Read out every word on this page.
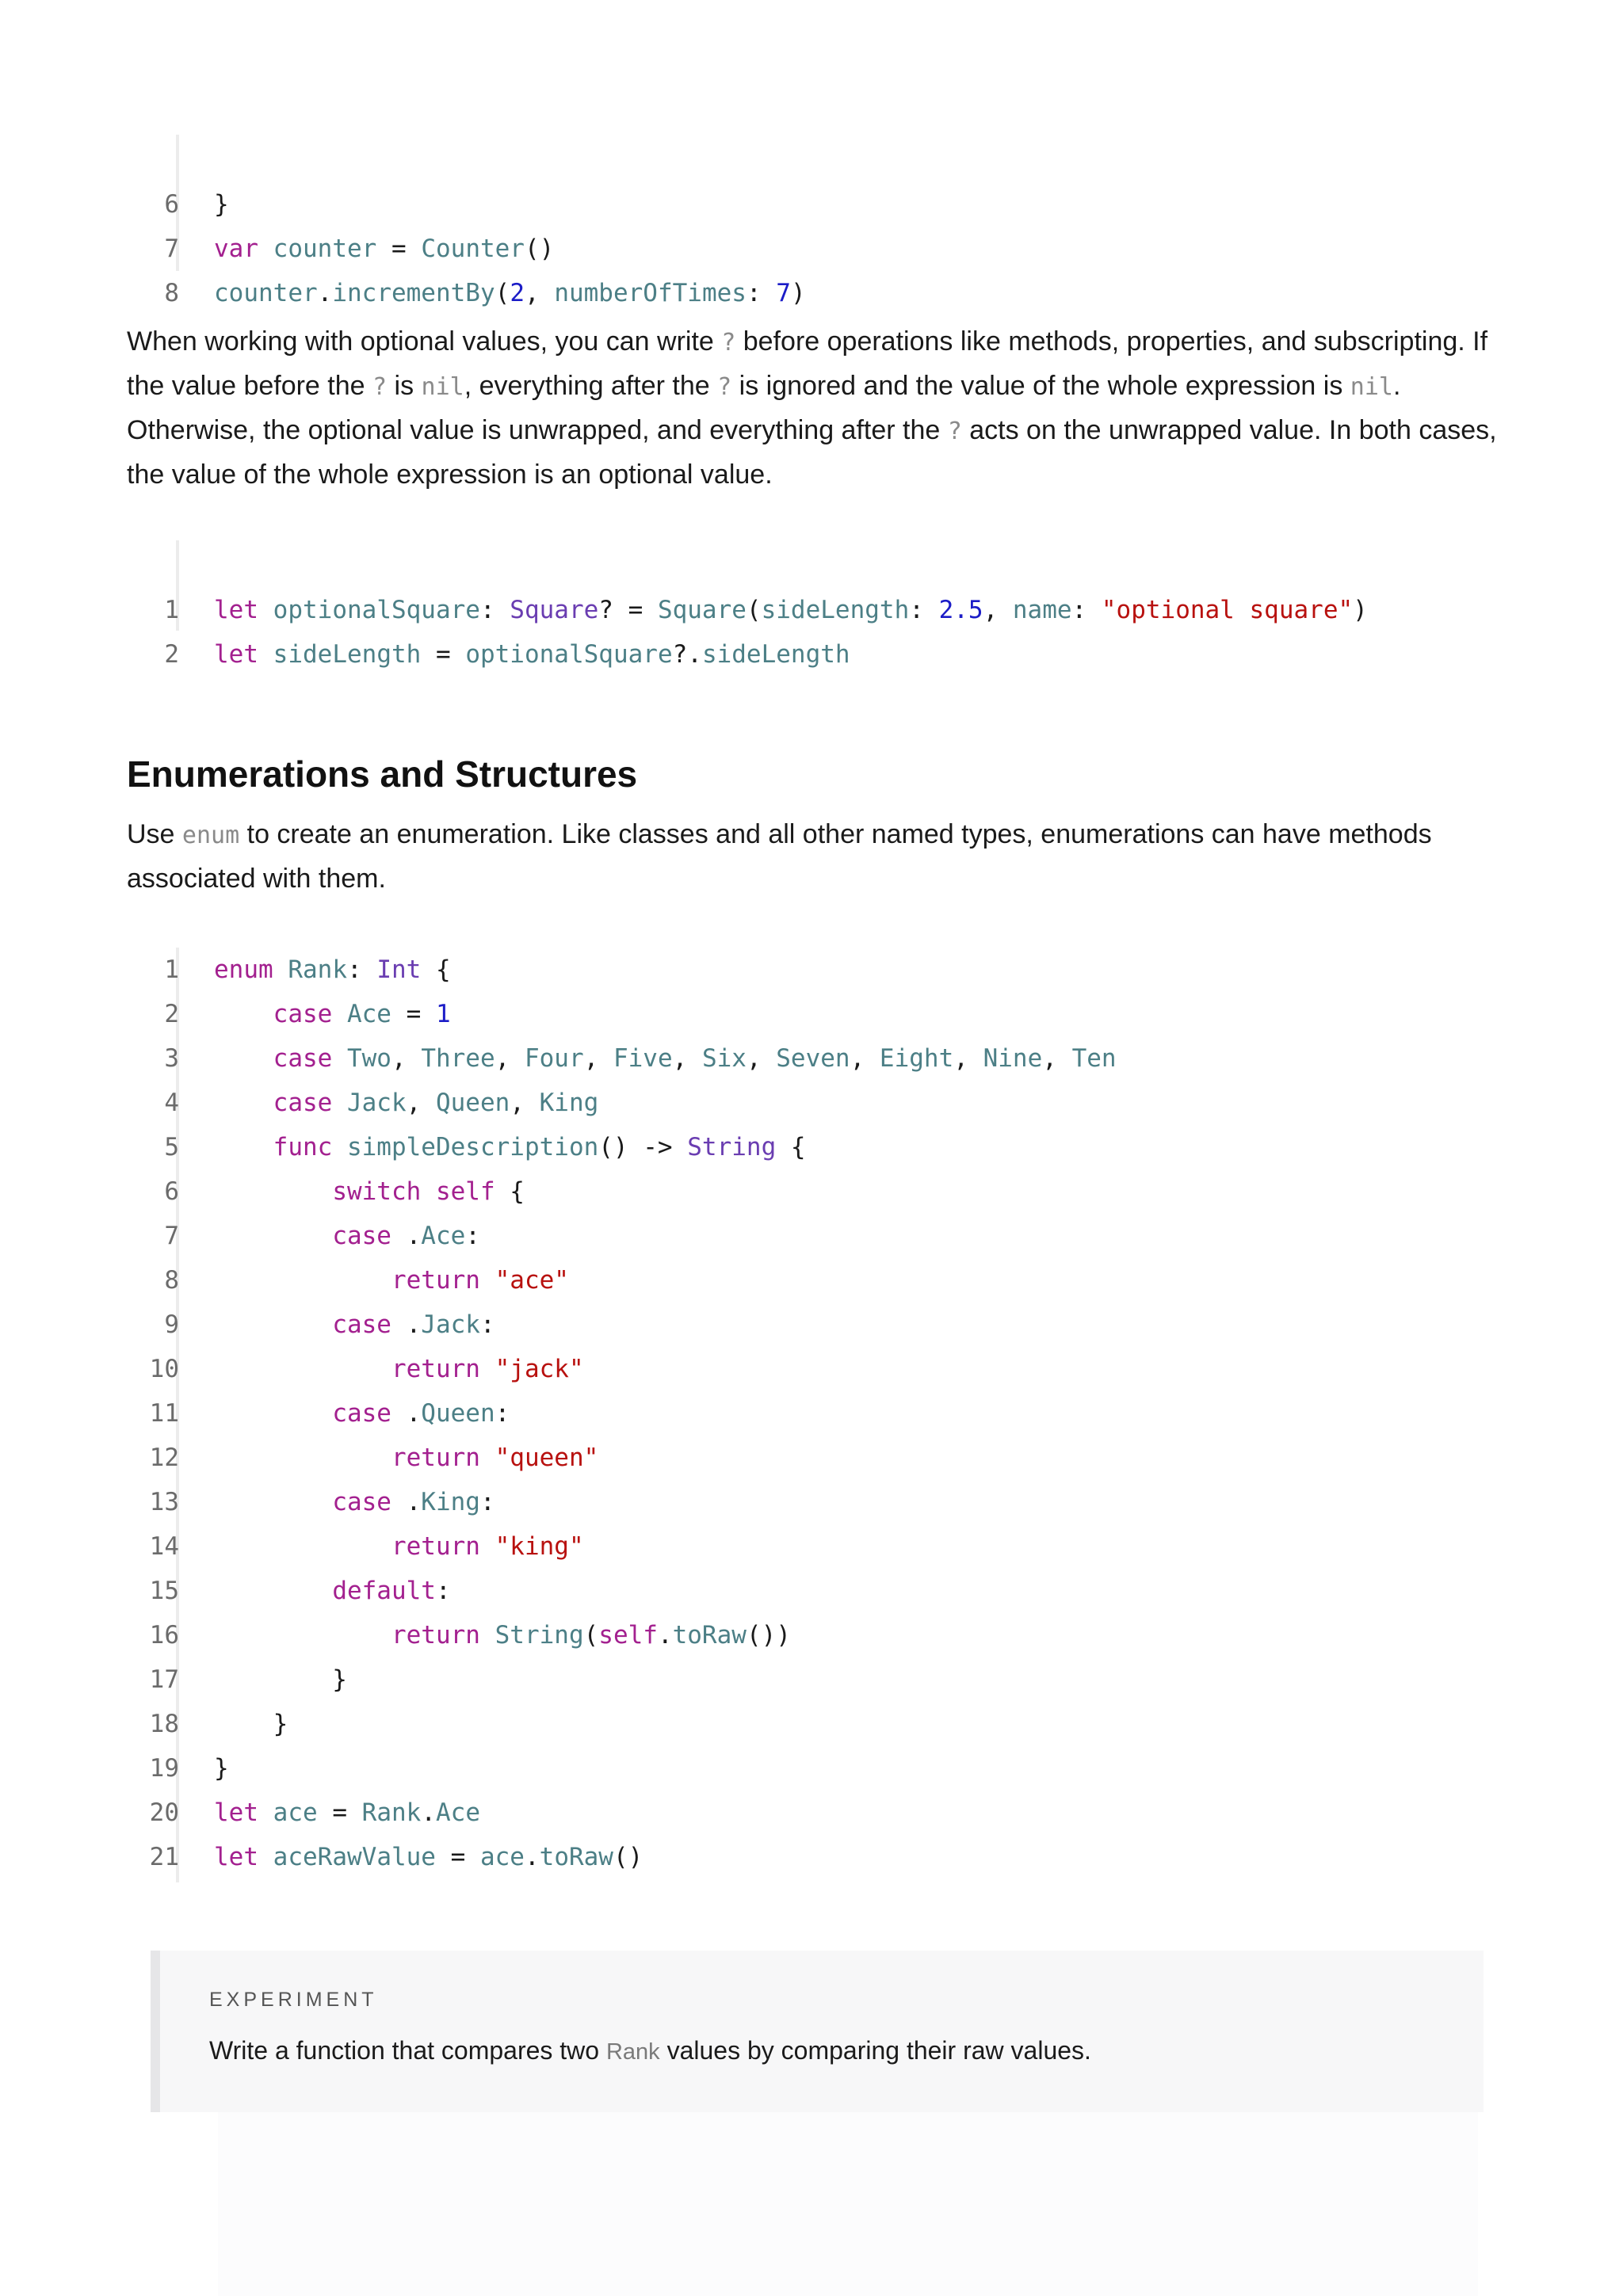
6 }

7 var counter = Counter()

8 counter.incrementBy(2, numberOfTimes: 7)

When working with optional values, you can write ? before operations like methods, properties, and subscripting. If the value before the ? is nil, everything after the ? is ignored and the value of the whole expression is nil. Otherwise, the optional value is unwrapped, and everything after the ? acts on the unwrapped value. In both cases, the value of the whole expression is an optional value.

1 let optionalSquare: Square? = Square(sideLength: 2.5, name: "optional square")

2 let sideLength = optionalSquare?.sideLength

Enumerations and Structures
Use enum to create an enumeration. Like classes and all other named types, enumerations can have methods associated with them.

1 enum Rank: Int {

2	case Ace = 1

3	case Two, Three, Four, Five, Six, Seven, Eight, Nine, Ten

4	case Jack, Queen, King

5	func simpleDescription() -> String {

6	switch self {

7	case .Ace:

8	return "ace"

9	case .Jack:

10	return "jack"

11	case .Queen:

12	return "queen"

13	case .King:

14	return "king"

15	default:

16	return String(self.toRaw())

17 }

18 }

19 }

20 let ace = Rank.Ace

21 let aceRawValue = ace.toRaw()

EXPERIMENT
Write a function that compares two Rank values by comparing their raw values.
